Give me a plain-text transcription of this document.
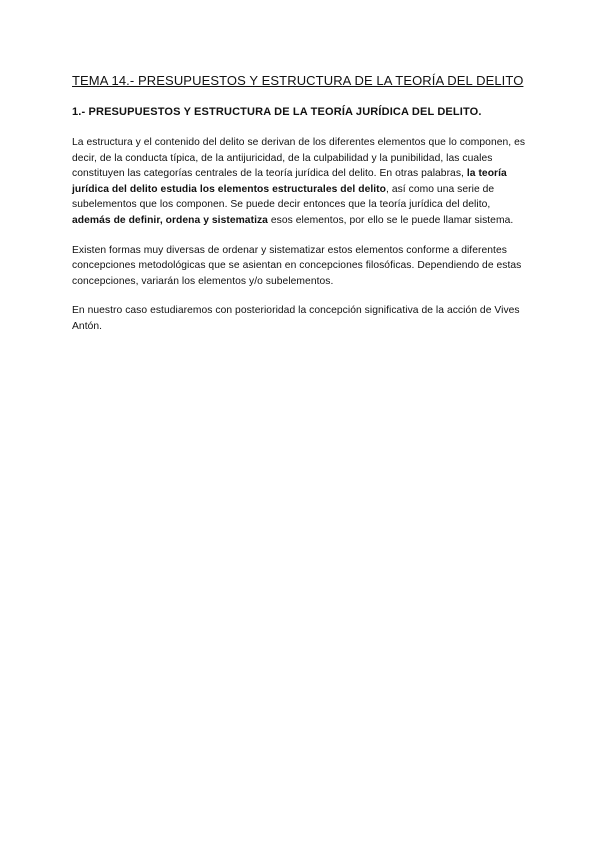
TEMA 14.- PRESUPUESTOS Y ESTRUCTURA DE LA TEORÍA DEL DELITO
1.- PRESUPUESTOS Y ESTRUCTURA DE LA TEORÍA JURÍDICA DEL DELITO.

La estructura y el contenido del delito se derivan de los diferentes elementos que lo componen, es decir, de la conducta típica, de la antijuricidad, de la culpabilidad y la punibilidad, las cuales constituyen las categorías centrales de la teoría jurídica del delito. En otras palabras, la teoría jurídica del delito estudia los elementos estructurales del delito, así como una serie de subelementos que los componen. Se puede decir entonces que la teoría jurídica del delito, además de definir, ordena y sistematiza esos elementos, por ello se le puede llamar sistema.

Existen formas muy diversas de ordenar y sistematizar estos elementos conforme a diferentes concepciones metodológicas que se asientan en concepciones filosóficas. Dependiendo de estas concepciones, variarán los elementos y/o subelementos.

En nuestro caso estudiaremos con posterioridad la concepción significativa de la acción de Vives Antón.
